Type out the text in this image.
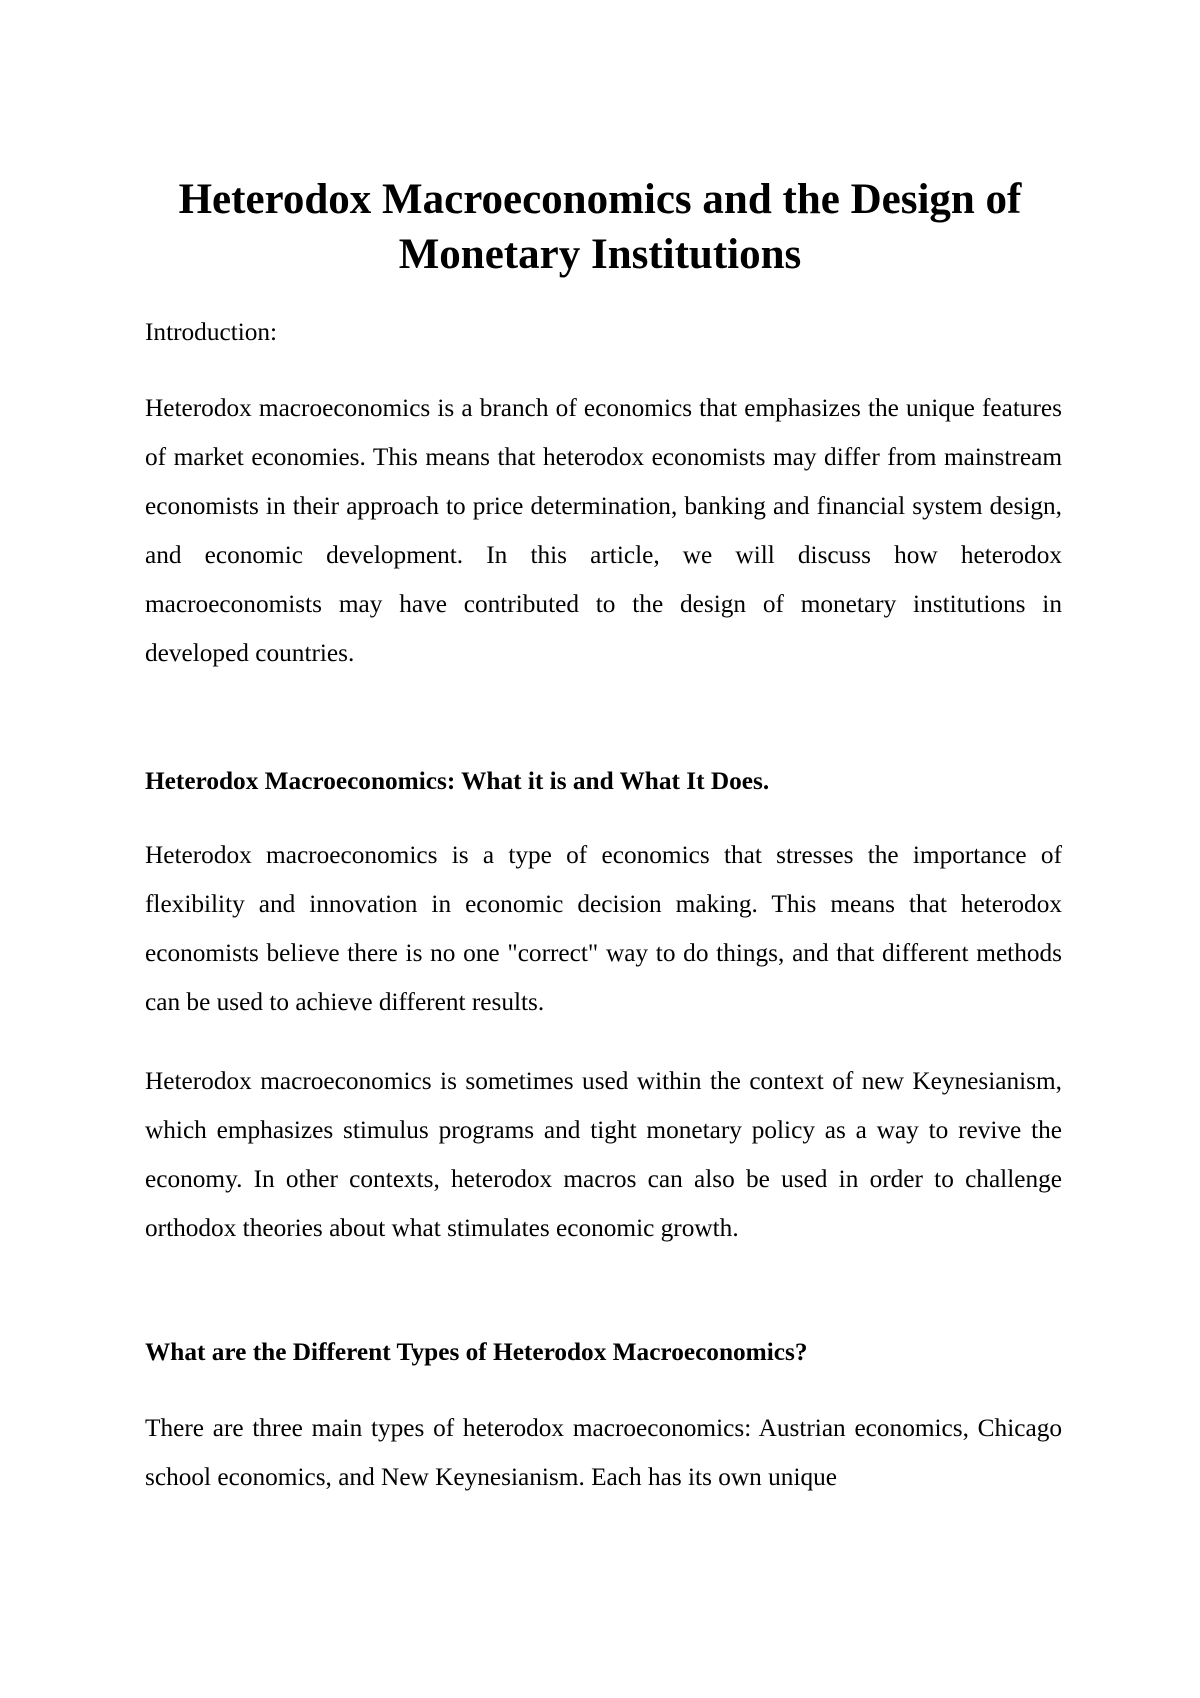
Heterodox Macroeconomics and the Design of Monetary Institutions

Introduction:

Heterodox macroeconomics is a branch of economics that emphasizes the unique features of market economies. This means that heterodox economists may differ from mainstream economists in their approach to price determination, banking and financial system design, and economic development. In this article, we will discuss how heterodox macroeconomists may have contributed to the design of monetary institutions in developed countries.

Heterodox Macroeconomics: What it is and What It Does.

Heterodox macroeconomics is a type of economics that stresses the importance of flexibility and innovation in economic decision making. This means that heterodox economists believe there is no one "correct" way to do things, and that different methods can be used to achieve different results.

Heterodox macroeconomics is sometimes used within the context of new Keynesianism, which emphasizes stimulus programs and tight monetary policy as a way to revive the economy. In other contexts, heterodox macros can also be used in order to challenge orthodox theories about what stimulates economic growth.

What are the Different Types of Heterodox Macroeconomics?

There are three main types of heterodox macroeconomics: Austrian economics, Chicago school economics, and New Keynesianism. Each has its own unique
